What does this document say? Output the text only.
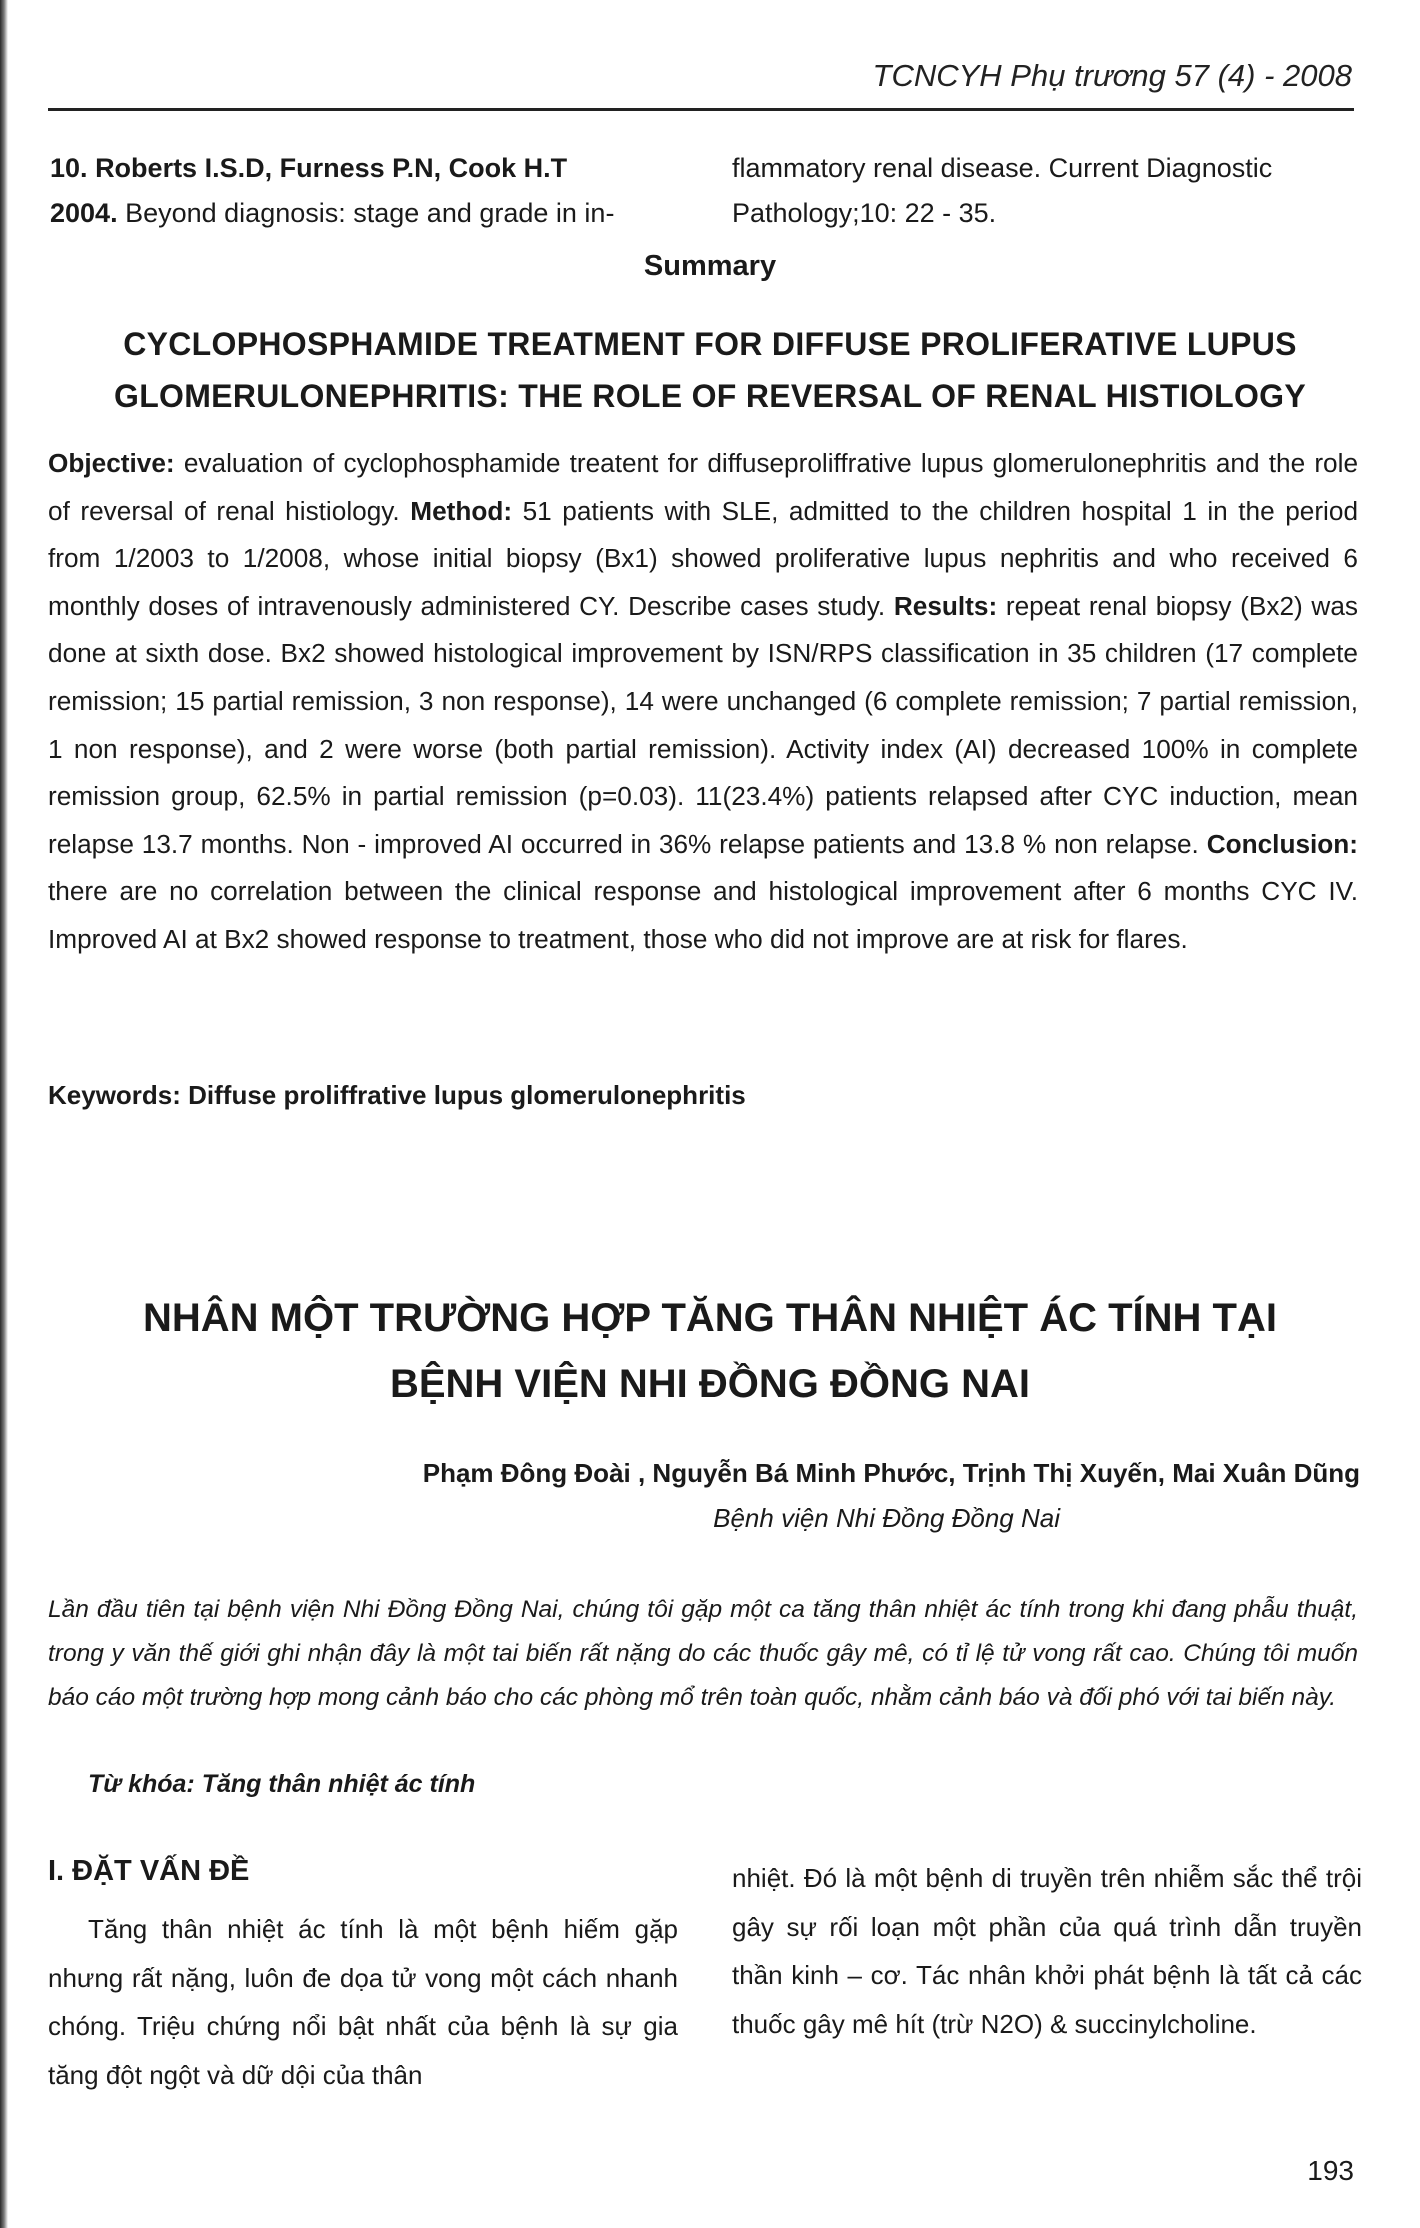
TCNCYH Phụ trương 57 (4) - 2008
10. Roberts I.S.D, Furness P.N, Cook H.T
2004. Beyond diagnosis: stage and grade in in-
flammatory renal disease. Current Diagnostic Pathology;10: 22 - 35.
Summary
CYCLOPHOSPHAMIDE TREATMENT FOR DIFFUSE PROLIFERATIVE LUPUS GLOMERULONEPHRITIS: THE ROLE OF REVERSAL OF RENAL HISTIOLOGY
Objective: evaluation of cyclophosphamide treatent for diffuseproliffrative lupus glomerulonephritis and the role of reversal of renal histiology. Method: 51 patients with SLE, admitted to the children hospital 1 in the period from 1/2003 to 1/2008, whose initial biopsy (Bx1) showed proliferative lupus nephritis and who received 6 monthly doses of intravenously administered CY. Describe cases study. Results: repeat renal biopsy (Bx2) was done at sixth dose. Bx2 showed histological improvement by ISN/RPS classification in 35 children (17 complete remission; 15 partial remission, 3 non response), 14 were unchanged (6 complete remission; 7 partial remission, 1 non response), and 2 were worse (both partial remission). Activity index (AI) decreased 100% in complete remission group, 62.5% in partial remission (p=0.03). 11(23.4%) patients relapsed after CYC induction, mean relapse 13.7 months. Non - improved AI occurred in 36% relapse patients and 13.8 % non relapse. Conclusion: there are no correlation between the clinical response and histological improvement after 6 months CYC IV. Improved AI at Bx2 showed response to treatment, those who did not improve are at risk for flares.
Keywords: Diffuse proliffrative lupus glomerulonephritis
NHÂN MỘT TRƯỜNG HỢP TĂNG THÂN NHIỆT ÁC TÍNH TẠI
BỆNH VIỆN NHI ĐỒNG ĐỒNG NAI
Phạm Đông Đoài , Nguyễn Bá Minh Phước, Trịnh Thị Xuyến, Mai Xuân Dũng
Bệnh viện Nhi Đồng Đồng Nai
Lần đầu tiên tại bệnh viện Nhi Đồng Đồng Nai, chúng tôi gặp một ca tăng thân nhiệt ác tính trong khi đang phẫu thuật, trong y văn thế giới ghi nhận đây là một tai biến rất nặng do các thuốc gây mê, có tỉ lệ tử vong rất cao. Chúng tôi muốn báo cáo một trường hợp mong cảnh báo cho các phòng mổ trên toàn quốc, nhằm cảnh báo và đối phó với tai biến này.
Từ khóa: Tăng thân nhiệt ác tính
I. ĐẶT VẤN ĐỀ
Tăng thân nhiệt ác tính là một bệnh hiếm gặp nhưng rất nặng, luôn đe dọa tử vong một cách nhanh chóng. Triệu chứng nổi bật nhất của bệnh là sự gia tăng đột ngột và dữ dội của thân
nhiệt. Đó là một bệnh di truyền trên nhiễm sắc thể trội gây sự rối loạn một phần của quá trình dẫn truyền thần kinh – cơ. Tác nhân khởi phát bệnh là tất cả các thuốc gây mê hít (trừ N2O) & succinylcholine.
193
